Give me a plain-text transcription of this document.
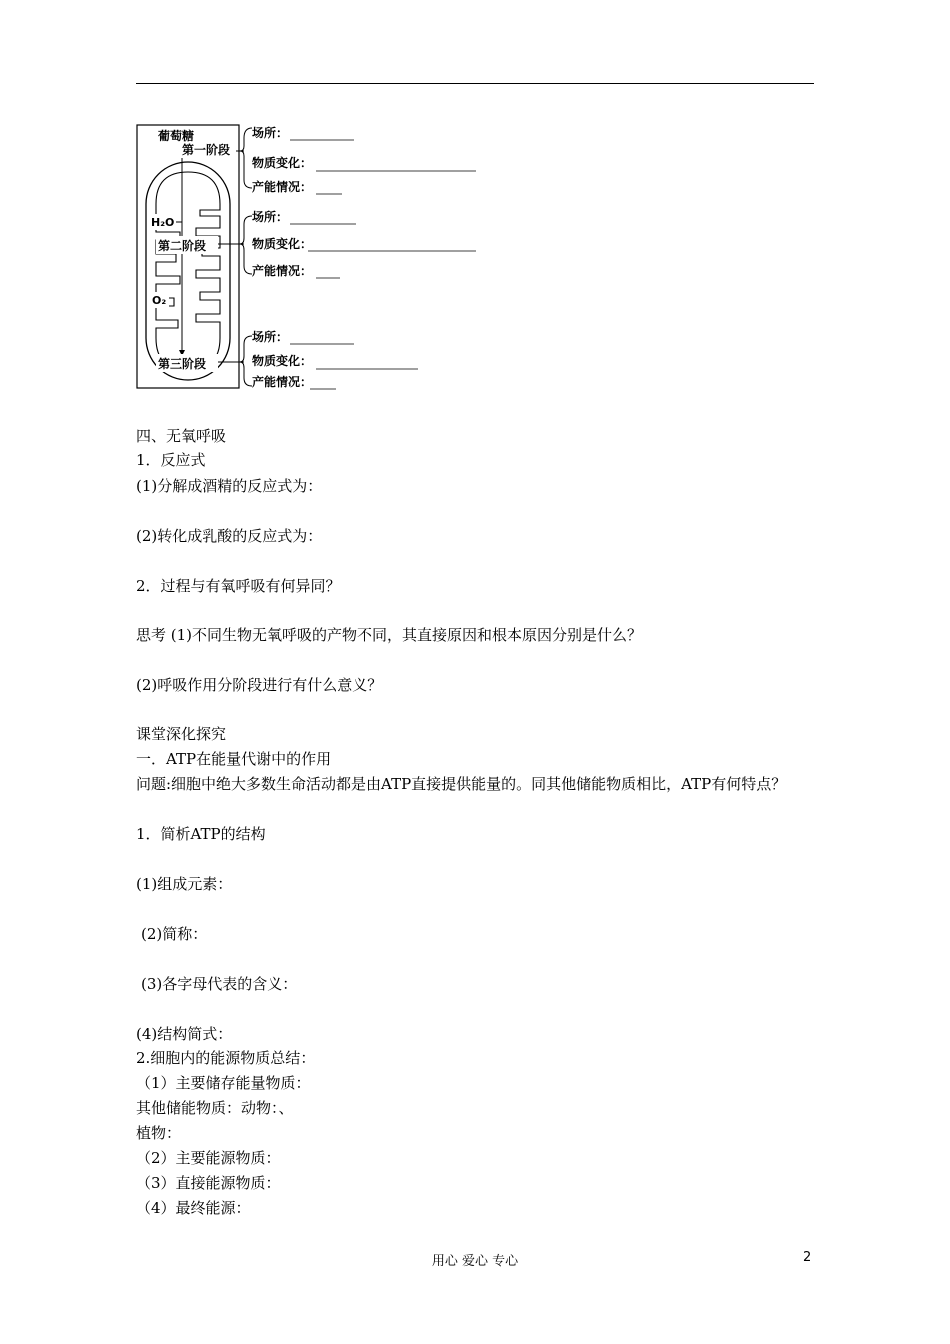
葡萄糖
第一阶段
H₂O
第二阶段
O₂
第三阶段
场所：
物质变化：
产能情况：
场所：
物质变化：
产能情况：
场所：
物质变化：
产能情况：
四、无氧呼吸
1．反应式
(1)分解成酒精的反应式为：
(2)转化成乳酸的反应式为：
2．过程与有氧呼吸有何异同？
思考 (1)不同生物无氧呼吸的产物不同，其直接原因和根本原因分别是什么？
(2)呼吸作用分阶段进行有什么意义？
课堂深化探究
一．ATP在能量代谢中的作用
问题:细胞中绝大多数生命活动都是由ATP直接提供能量的。同其他储能物质相比，ATP有何特点？
1．简析ATP的结构
(1)组成元素：
(2)简称：
(3)各字母代表的含义：
(4)结构简式：
2.细胞内的能源物质总结：
（1）主要储存能量物质：
其他储能物质：动物：、
植物：
（2）主要能源物质：
（3）直接能源物质：
（4）最终能源：
用心 爱心 专心	2
